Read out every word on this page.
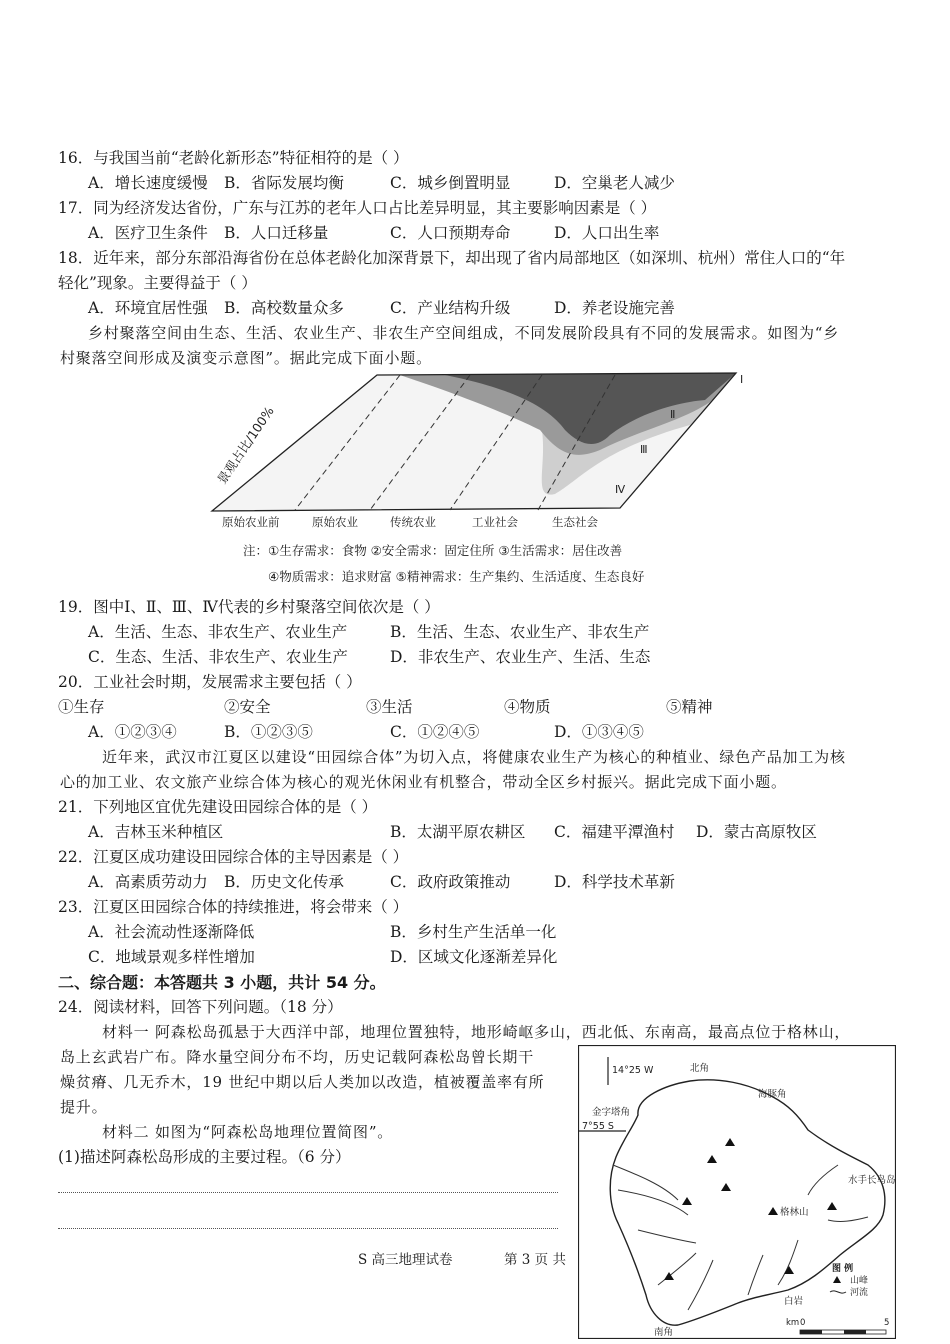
16．与我国当前“老龄化新形态”特征相符的是（ ）
A．增长速度缓慢 B．省际发展均衡	C．城乡倒置明显	D．空巢老人减少
17．同为经济发达省份，广东与江苏的老年人口占比差异明显，其主要影响因素是（ ）
A．医疗卫生条件 B．人口迁移量	C．人口预期寿命	D．人口出生率
18．近年来，部分东部沿海省份在总体老龄化加深背景下，却出现了省内局部地区（如深圳、杭州）常住人口的“年
轻化”现象。主要得益于（ ）
A．环境宜居性强 B．高校数量众多	C．产业结构升级	D．养老设施完善
乡村聚落空间由生态、生活、农业生产、非农生产空间组成，不同发展阶段具有不同的发展需求。如图为“乡
村聚落空间形成及演变示意图”。据此完成下面小题。
Ⅰ
Ⅱ
Ⅲ
Ⅳ
景观占比/100%
原始农业前	原始农业	传统农业	工业社会	生态社会
注：①生存需求：食物 ②安全需求：固定住所 ③生活需求：居住改善
④物质需求：追求财富 ⑤精神需求：生产集约、生活适度、生态良好
19．图中Ⅰ、Ⅱ、Ⅲ、Ⅳ代表的乡村聚落空间依次是（ ）
A．生活、生态、非农生产、农业生产	B．生活、生态、农业生产、非农生产
C．生态、生活、非农生产、农业生产	D．非农生产、农业生产、生活、生态
20．工业社会时期，发展需求主要包括（ ）
①生存	②安全	③生活	④物质	⑤精神
A．①②③④	B．①②③⑤	C．①②④⑤	D．①③④⑤
近年来，武汉市江夏区以建设“田园综合体”为切入点，将健康农业生产为核心的种植业、绿色产品加工为核
心的加工业、农文旅产业综合体为核心的观光休闲业有机整合，带动全区乡村振兴。据此完成下面小题。
21．下列地区宜优先建设田园综合体的是（ ）
A．吉林玉米种植区	B．太湖平原农耕区 C．福建平潭渔村 D．蒙古高原牧区
22．江夏区成功建设田园综合体的主导因素是（ ）
A．高素质劳动力 B．历史文化传承	C．政府政策推动	D．科学技术革新
23．江夏区田园综合体的持续推进，将会带来（ ）
A．社会流动性逐渐降低	B．乡村生产生活单一化
C．地域景观多样性增加	D．区域文化逐渐差异化
二、综合题：本答题共 3 小题，共计 54 分。
24．阅读材料，回答下列问题。（18 分）
材料一 阿森松岛孤悬于大西洋中部，地理位置独特，地形崎岖多山，西北低、东南高，最高点位于格林山，
岛上玄武岩广布。降水量空间分布不均，历史记载阿森松岛曾长期干
燥贫瘠、几无乔木，19 世纪中期以后人类加以改造，植被覆盖率有所
提升。
材料二 如图为“阿森松岛地理位置简图”。
(1)描述阿森松岛形成的主要过程。（6 分）
14°25 W
7°55 S
北角
海豚角
金字塔角
水手长鸟岛
格林山
白岩
南角
图 例
山峰
河流
km 0	5
S 高三地理试卷	第 3 页 共
